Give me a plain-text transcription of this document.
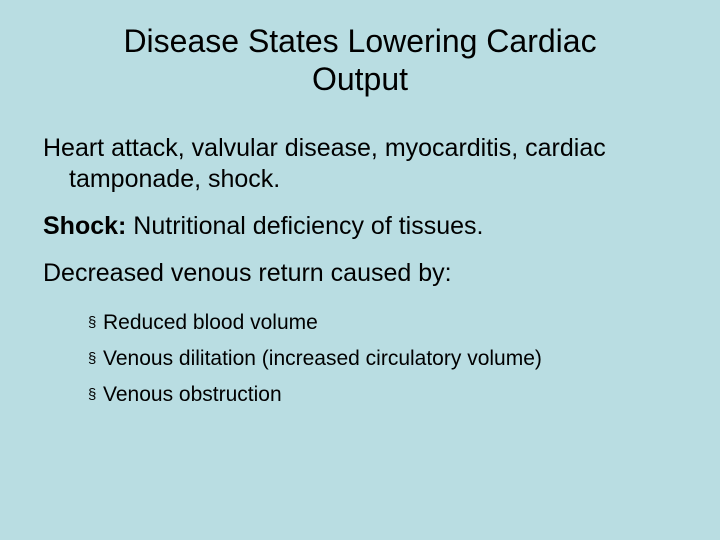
Disease States Lowering Cardiac
Output

Heart attack, valvular disease, myocarditis, cardiac tamponade, shock.

Shock: Nutritional deficiency of tissues.

Decreased venous return caused by:

§ Reduced blood volume
§ Venous dilitation (increased circulatory volume)
§ Venous obstruction
